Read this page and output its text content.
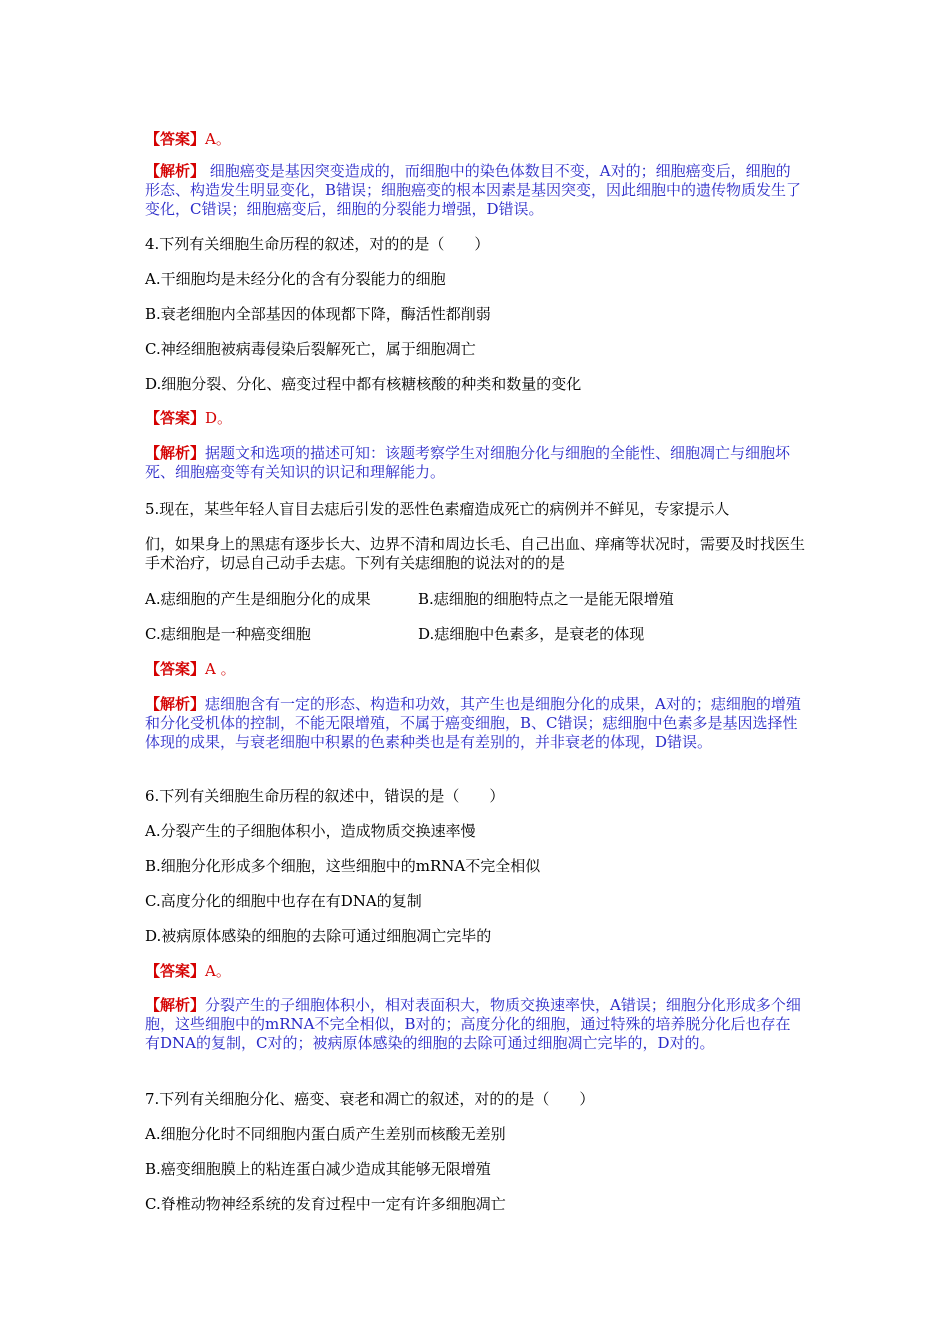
【答案】A。
【解析】 细胞癌变是基因突变造成的，而细胞中的染色体数目不变，A对的；细胞癌变后，细胞的形态、构造发生明显变化，B错误；细胞癌变的根本因素是基因突变，因此细胞中的遗传物质发生了变化，C错误；细胞癌变后，细胞的分裂能力增强，D错误。
4.下列有关细胞生命历程的叙述，对的的是（　　）
A.干细胞均是未经分化的含有分裂能力的细胞
B.衰老细胞内全部基因的体现都下降，酶活性都削弱
C.神经细胞被病毒侵染后裂解死亡，属于细胞凋亡
D.细胞分裂、分化、癌变过程中都有核糖核酸的种类和数量的变化
【答案】D。
【解析】据题文和选项的描述可知：该题考察学生对细胞分化与细胞的全能性、细胞凋亡与细胞坏死、细胞癌变等有关知识的识记和理解能力。
5.现在，某些年轻人盲目去痣后引发的恶性色素瘤造成死亡的病例并不鲜见，专家提示人
们，如果身上的黑痣有逐步长大、边界不清和周边长毛、自己出血、痒痛等状况时，需要及时找医生手术治疗，切忌自己动手去痣。下列有关痣细胞的说法对的的是
A.痣细胞的产生是细胞分化的成果	B.痣细胞的细胞特点之一是能无限增殖
C.痣细胞是一种癌变细胞	D.痣细胞中色素多，是衰老的体现
【答案】A 。
【解析】痣细胞含有一定的形态、构造和功效，其产生也是细胞分化的成果，A对的；痣细胞的增殖和分化受机体的控制，不能无限增殖，不属于癌变细胞，B、C错误；痣细胞中色素多是基因选择性体现的成果，与衰老细胞中积累的色素种类也是有差别的，并非衰老的体现，D错误。
6.下列有关细胞生命历程的叙述中，错误的是（　　）
A.分裂产生的子细胞体积小，造成物质交换速率慢
B.细胞分化形成多个细胞，这些细胞中的mRNA不完全相似
C.高度分化的细胞中也存在有DNA的复制
D.被病原体感染的细胞的去除可通过细胞凋亡完毕的
【答案】A。
【解析】分裂产生的子细胞体积小，相对表面积大，物质交换速率快，A错误；细胞分化形成多个细胞，这些细胞中的mRNA不完全相似，B对的；高度分化的细胞，通过特殊的培养脱分化后也存在有DNA的复制，C对的；被病原体感染的细胞的去除可通过细胞凋亡完毕的，D对的。
7.下列有关细胞分化、癌变、衰老和凋亡的叙述，对的的是（　　）
A.细胞分化时不同细胞内蛋白质产生差别而核酸无差别
B.癌变细胞膜上的粘连蛋白减少造成其能够无限增殖
C.脊椎动物神经系统的发育过程中一定有许多细胞凋亡
